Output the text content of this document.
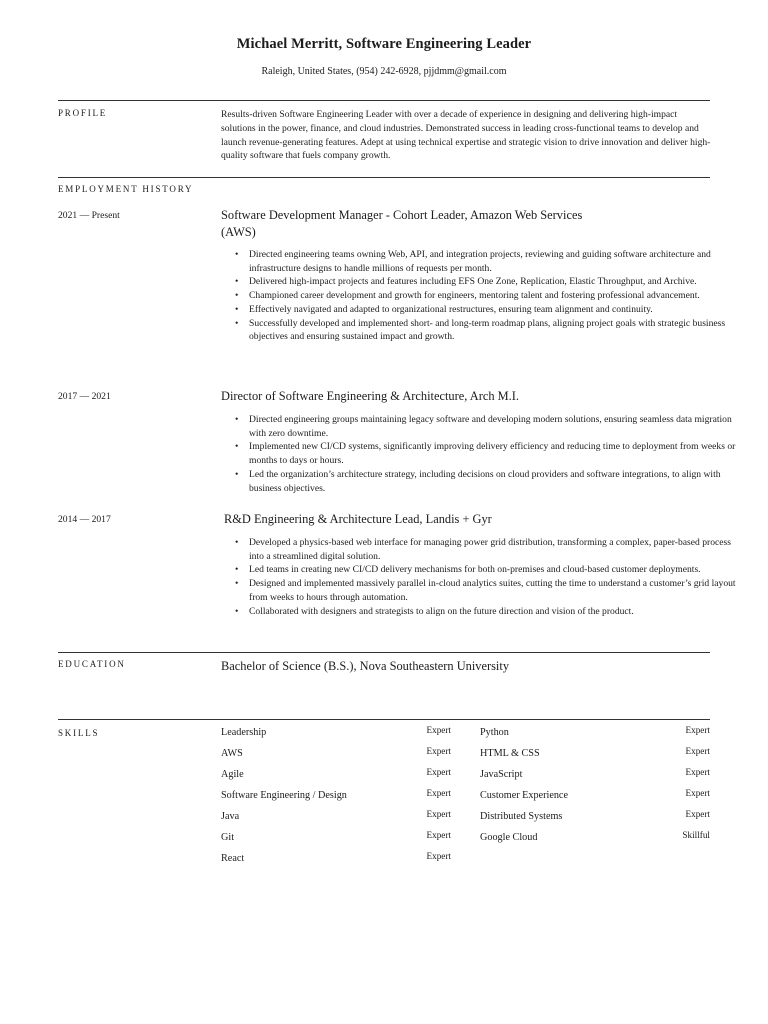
Michael Merritt, Software Engineering Leader
Raleigh, United States, (954) 242-6928, pjjdmm@gmail.com
PROFILE	Results-driven Software Engineering Leader with over a decade of experience in designing and delivering high-impact solutions in the power, finance, and cloud industries. Demonstrated success in leading cross-functional teams to develop and launch revenue-generating features. Adept at using technical expertise and strategic vision to drive innovation and deliver high-quality software that fuels company growth.

EMPLOYMENT HISTORY
2021 — Present	Software Development Manager - Cohort Leader, Amazon Web Services (AWS)
• Directed engineering teams owning Web, API, and integration projects, reviewing and guiding software architecture and infrastructure designs to handle millions of requests per month.
• Delivered high-impact projects and features including EFS One Zone, Replication, Elastic Throughput, and Archive.
• Championed career development and growth for engineers, mentoring talent and fostering professional advancement.
• Effectively navigated and adapted to organizational restructures, ensuring team alignment and continuity.
• Successfully developed and implemented short- and long-term roadmap plans, aligning project goals with strategic business objectives and ensuring sustained impact and growth.
2017 — 2021	Director of Software Engineering & Architecture, Arch M.I.
• Directed engineering groups maintaining legacy software and developing modern solutions, ensuring seamless data migration with zero downtime.
• Implemented new CI/CD systems, significantly improving delivery efficiency and reducing time to deployment from weeks or months to days or hours.
• Led the organization’s architecture strategy, including decisions on cloud providers and software integrations, to align with business objectives.
2014 — 2017	R&D Engineering & Architecture Lead, Landis + Gyr
• Developed a physics-based web interface for managing power grid distribution, transforming a complex, paper-based process into a streamlined digital solution.
• Led teams in creating new CI/CD delivery mechanisms for both on-premises and cloud-based customer deployments.
• Designed and implemented massively parallel in-cloud analytics suites, cutting the time to understand a customer’s grid layout from weeks to hours through automation.
• Collaborated with designers and strategists to align on the future direction and vision of the product.
EDUCATION	Bachelor of Science (B.S.), Nova Southeastern University
SKILLS	Leadership	Expert
AWS	Expert
Agile	Expert
Software Engineering / Design	Expert
Java	Expert
Git	Expert
React	Expert
Python	Expert
HTML & CSS	Expert
JavaScript	Expert
Customer Experience	Expert
Distributed Systems	Expert
Google Cloud	Skillful
